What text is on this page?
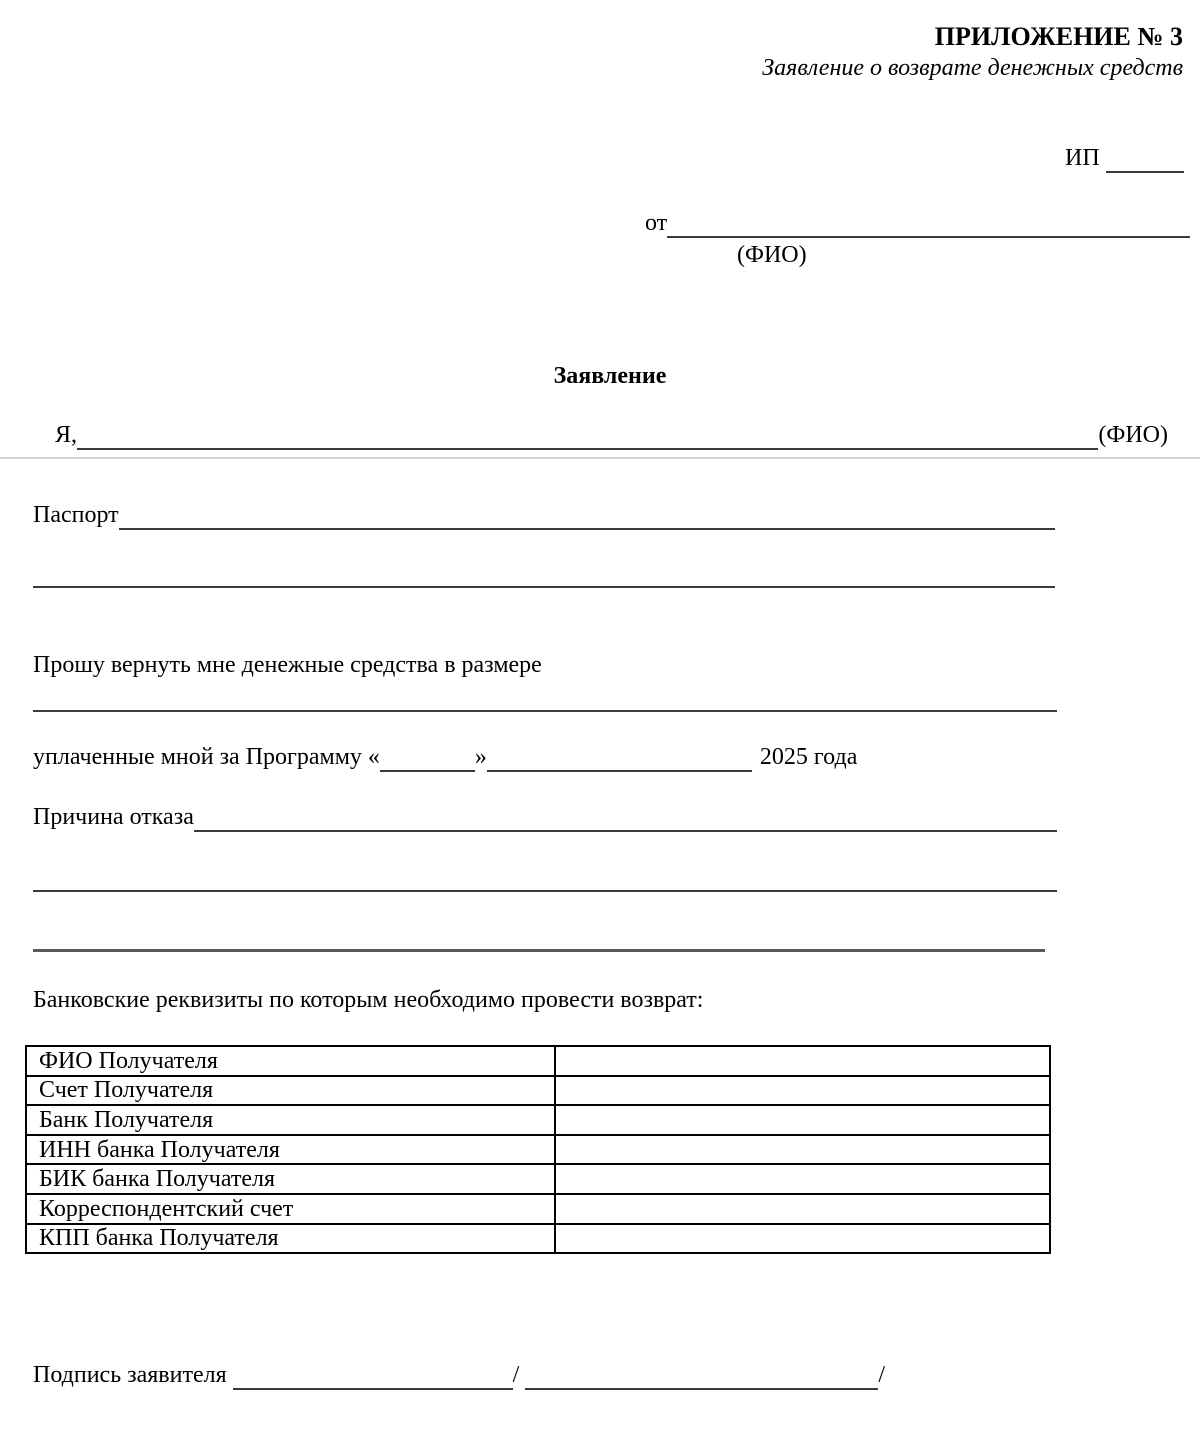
ПРИЛОЖЕНИЕ № 3
Заявление о возврате денежных средств
ИП
от
(ФИО)
Заявление
Я,	(ФИО)
Паспорт
Прошу вернуть мне денежные средства в размере
уплаченные мной за Программу «	»	2025 года
Причина отказа
Банковские реквизиты по которым необходимо провести возврат:
ФИО Получателя	
Счет Получателя	
Банк Получателя	
ИНН банка Получателя	
БИК банка Получателя	
Корреспондентский счет	
КПП банка Получателя	
Подпись заявителя	/	/
